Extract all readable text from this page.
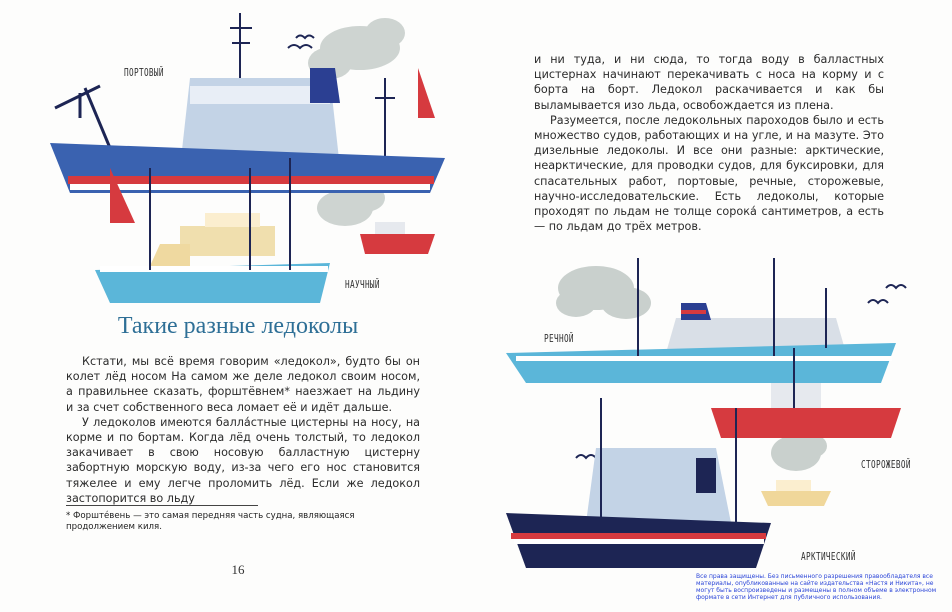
ПОРТОВЫЙ
НАУЧНЫЙ
Такие разные ледоколы

Кстати, мы всё время говорим «ледокол», будто бы он колет лёд носом На самом же деле ледокол своим носом, а правильнее сказать, форштёвнем* наезжает на льдину и за счет собственного веса ломает её и идёт дальше.

У ледоколов имеются балла́стные цистерны на носу, на корме и по бортам. Когда лёд очень толстый, то ледокол закачивает в свою носовую балластную цистерну забортную морскую воду, из-за чего его нос становится тяжелее и ему легче проломить лёд. Если же ледокол застопорится во льду

* Форштéвень — это самая передняя часть судна, являющаяся продолжением киля.
16

и ни туда, и ни сюда, то тогда воду в балластных цистернах начинают перекачивать с носа на корму и с борта на борт. Ледокол раскачивается и как бы выламывается изо льда, освобождается из плена.

Разумеется, после ледокольных пароходов было и есть множество судов, работающих и на угле, и на мазуте. Это дизельные ледоколы. И все они разные: арктические, неарктические, для проводки судов, для буксировки, для спасательных работ, портовые, речные, сторожевые, научно-исследовательские. Есть ледоколы, которые проходят по льдам не толще сорока́ сантиметров, а есть — по льдам до трёх метров.

РЕЧНОЙ
СТОРОЖЕВОЙ
АРКТИЧЕСКИЙ
Все права защищены. Без письменного разрешения правообладателя все материалы, опубликованные на сайте издательства «Настя и Никита», не могут быть воспроизведены и размещены в полном объеме в электронном формате в сети Интернет для публичного использования.
